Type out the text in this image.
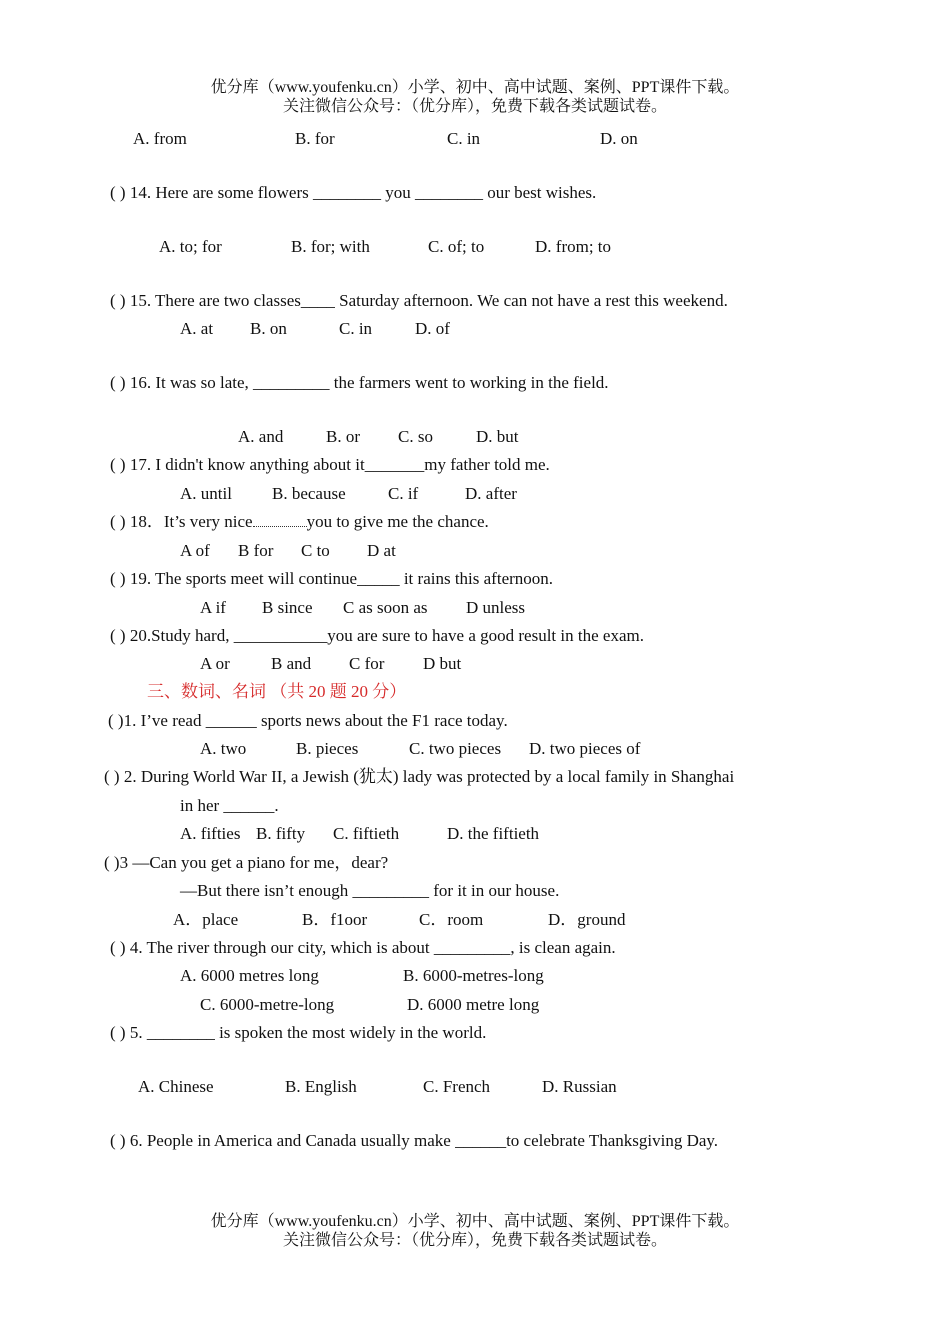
优分库（www.youfenku.cn）小学、初中、高中试题、案例、PPT课件下载。
关注微信公众号：（优分库），免费下载各类试题试卷。
A. from	B. for	C. in	D. on
( ) 14. Here are some flowers ________ you ________ our best wishes.
A. to; for	B. for; with	C. of; to	D. from; to
( ) 15. There are two classes____ Saturday afternoon. We can not have a rest this weekend.
A. at B. on	C. in	D. of
( ) 16. It was so late, _________ the farmers went to working in the field.
A. and	B. or C. so	D. but
( ) 17. I didn't know anything about it_______my father told me.
A. until B. because C. if	D. after
( ) 18．It’s very nice	you to give me the chance.
A of B for C to D at
( ) 19. The sports meet will continue_____ it rains this afternoon.
A if B since C as soon as D unless
( ) 20.Study hard, ___________you are sure to have a good result in the exam.
A or B and C for D but
三、数词、名词 （共 20 题 20 分）
( )1. I’ve read ______ sports news about the F1 race today.
A. two	B. pieces	C. two pieces D. two pieces of
( ) 2. During World War II, a Jewish (犹太) lady was protected by a local family in Shanghai
in her ______.
A. fifties B. fifty C. fiftieth	D. the fiftieth
( )3 —Can you get a piano for me，dear?
—But there isn’t enough _________ for it in our house.
A．place	B．f1oor	C．room	D．ground
( ) 4. The river through our city, which is about _________, is clean again.
A. 6000 metres long	B. 6000-metres-long
C. 6000-metre-long	D. 6000 metre long
( ) 5. ________ is spoken the most widely in the world.
A. Chinese	B. English	C. French	D. Russian
( ) 6. People in America and Canada usually make ______to celebrate Thanksgiving Day.
优分库（www.youfenku.cn）小学、初中、高中试题、案例、PPT课件下载。
关注微信公众号：（优分库），免费下载各类试题试卷。
